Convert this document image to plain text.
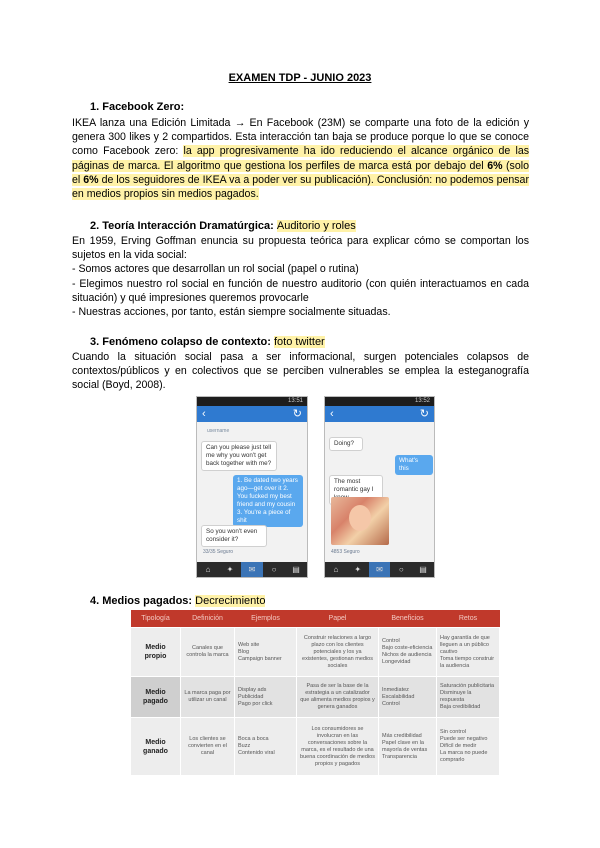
EXAMEN TDP - JUNIO 2023
1. Facebook Zero:
IKEA lanza una Edición Limitada → En Facebook (23M) se comparte una foto de la edición y genera 300 likes y 2 compartidos. Esta interacción tan baja se produce porque lo que se conoce como Facebook zero: la app progresivamente ha ido reduciendo el alcance orgánico de las páginas de marca. El algoritmo que gestiona los perfiles de marca está por debajo del 6% (solo el 6% de los seguidores de IKEA va a poder ver su publicación). Conclusión: no podemos pensar en medios propios sin medios pagados.
2. Teoría Interacción Dramatúrgica: Auditorio y roles
En 1959, Erving Goffman enuncia su propuesta teórica para explicar cómo se comportan los sujetos en la vida social:
- Somos actores que desarrollan un rol social (papel o rutina)
- Elegimos nuestro rol social en función de nuestro auditorio (con quién interactuamos en cada situación) y qué impresiones queremos provocarle
- Nuestras acciones, por tanto, están siempre socialmente situadas.
3. Fenómeno colapso de contexto: foto twitter
Cuando la situación social pasa a ser informacional, surgen potenciales colapsos de contextos/públicos y en colectivos que se perciben vulnerables se emplea la esteganografía social (Boyd, 2008).
13:51
‹	↻
username
Can you please just tell me why you won't get back together with me?
1. Be dated two years ago—get over it 2. You fucked my best friend and my cousin 3. You're a piece of shit
So you won't even consider it?
33/35 Seguro
⌂	✦	✉	○	▤
13:52
‹	↻
Doing?
What's this
The most romantic gay I
4853 Seguro
⌂	✦	✉	○	▤
4. Medios pagados: Decrecimiento
Tipología	Definición	Ejemplos	Papel	Beneficios	Retos
Medio propio	Canales que controla la marca	Web site
Blog
Campaign banner	Construir relaciones a largo plazo con los clientes potenciales y los ya existentes, gestionan medios sociales	Control
Bajo coste-eficiencia
Nichos de audiencia
Longevidad	Hay garantía de que lleguen a un público cautivo
Toma tiempo construir la audiencia
Medio pagado	La marca paga por utilizar un canal	Display ads
Publicidad
Pago por click	Pasa de ser la base de la estrategia a un catalizador que alimenta medios propios y genera ganados	Inmediatez
Escalabilidad
Control	Saturación publicitaria
Disminuye la respuesta
Baja credibilidad
Medio ganado	Los clientes se convierten en el canal	Boca a boca
Buzz
Contenido viral	Los consumidores se involucran en las conversaciones sobre la marca, es el resultado de una buena coordinación de medios propios y pagados	Más credibilidad
Papel clave en la mayoría de ventas
Transparencia	Sin control
Puede ser negativo
Difícil de medir
La marca no puede comprarlo
